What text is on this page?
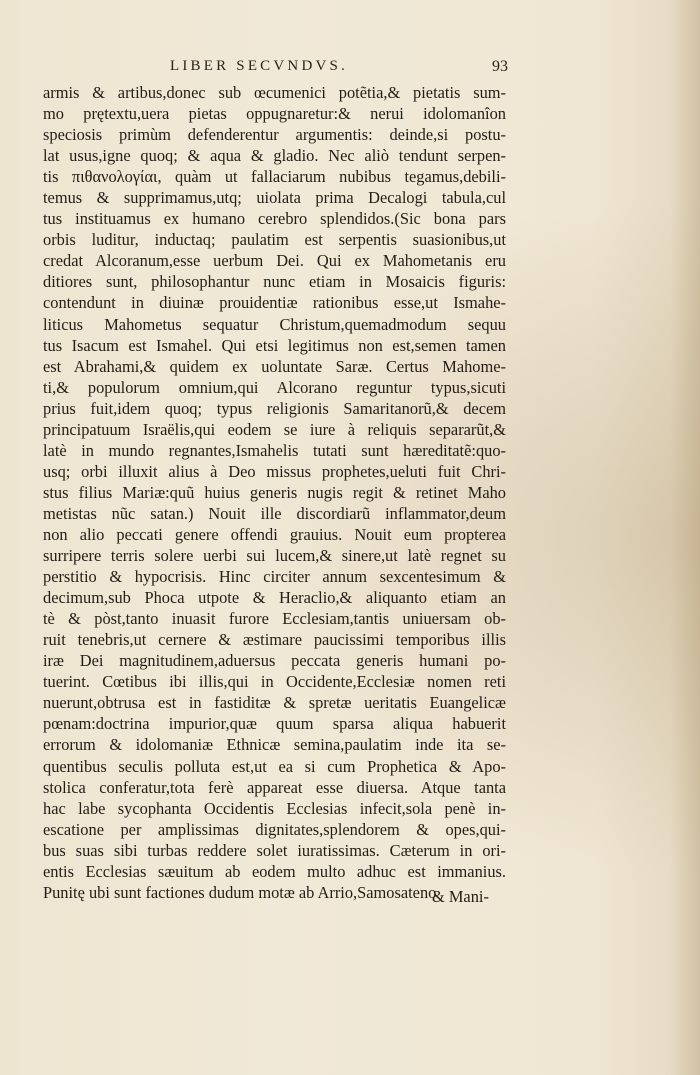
LIBER SECVNDVS.	93
armis & artibus,donec sub œcumenici potẽtia,& pietatis sum-
mo prętextu,uera pietas oppugnaretur:& nerui idolomanîon
speciosis primùm defenderentur argumentis: deinde,si postu-
lat usus,igne quoq; & aqua & gladio. Nec aliò tendunt serpen-
tis πιθανολογίαι, quàm ut fallaciarum nubibus tegamus,debili-
temus & supprimamus,utq; uiolata prima Decalogi tabula,cul
tus instituamus ex humano cerebro splendidos.(Sic bona pars
orbis luditur, inductaq; paulatim est serpentis suasionibus,ut
credat Alcoranum,esse uerbum Dei. Qui ex Mahometanis eru
ditiores sunt, philosophantur nunc etiam in Mosaicis figuris:
contendunt in diuinæ prouidentiæ rationibus esse,ut Ismahe-
liticus Mahometus sequatur Christum,quemadmodum sequu
tus Isacum est Ismahel. Qui etsi legitimus non est,semen tamen
est Abrahami,& quidem ex uoluntate Saræ. Certus Mahome-
ti,& populorum omnium,qui Alcorano reguntur typus,sicuti
prius fuit,idem quoq; typus religionis Samaritanorũ,& decem
principatuum Israëlis,qui eodem se iure à reliquis separarũt,&
latè in mundo regnantes,Ismahelis tutati sunt hæreditatẽ:quo-
usq; orbi illuxit alius à Deo missus prophetes,ueluti fuit Chri-
stus filius Mariæ:quũ huius generis nugis regit & retinet Maho
metistas nũc satan.) Nouit ille discordiarũ inflammator,deum
non alio peccati genere offendi grauius. Nouit eum propterea
surripere terris solere uerbi sui lucem,& sinere,ut latè regnet su
perstitio & hypocrisis. Hinc circiter annum sexcentesimum &
decimum,sub Phoca utpote & Heraclio,& aliquanto etiam an
tè & pòst,tanto inuasit furore Ecclesiam,tantis uniuersam ob-
ruit tenebris,ut cernere & æstimare paucissimi temporibus illis
iræ Dei magnitudinem,aduersus peccata generis humani po-
tuerint. Cœtibus ibi illis,qui in Occidente,Ecclesiæ nomen reti
nuerunt,obtrusa est in fastiditæ & spretæ ueritatis Euangelicæ
pœnam:doctrina impurior,quæ quum sparsa aliqua habuerit
errorum & idolomaniæ Ethnicæ semina,paulatim inde ita se-
quentibus seculis polluta est,ut ea si cum Prophetica & Apo-
stolica conferatur,tota ferè appareat esse diuersa. Atque tanta
hac labe sycophanta Occidentis Ecclesias infecit,sola penè in-
escatione per amplissimas dignitates,splendorem & opes,qui-
bus suas sibi turbas reddere solet iuratissimas. Cæterum in ori-
entis Ecclesias sæuitum ab eodem multo adhuc est immanius.
Punitę ubi sunt factiones dudum motæ ab Arrio,Samosateno
& Mani-
